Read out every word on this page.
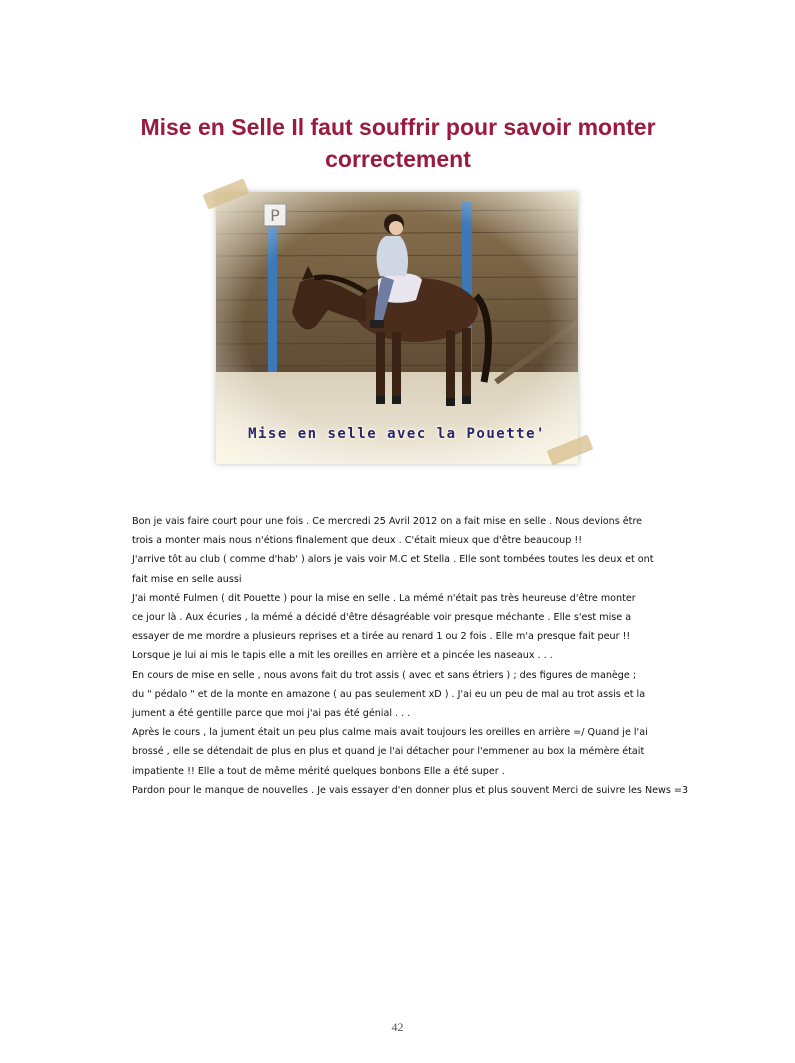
Mise en Selle Il faut souffrir pour savoir monter correctement
Mise en selle avec la Pouette'

Bon je vais faire court pour une fois . Ce mercredi 25 Avril 2012 on a fait mise en selle . Nous devions être

trois a monter mais nous n'étions finalement que deux . C'était mieux que d'être beaucoup !!

J'arrive tôt au club ( comme d'hab' ) alors je vais voir M.C et Stella . Elle sont tombées toutes les deux et ont

fait mise en selle aussi

J'ai monté Fulmen ( dit Pouette ) pour la mise en selle . La mémé n'était pas très heureuse d'être monter

ce jour là . Aux écuries , la mémé a décidé d'être désagréable voir presque méchante . Elle s'est mise a

essayer de me mordre a plusieurs reprises et a tirée au renard 1 ou 2 fois . Elle m'a presque fait peur !!

Lorsque je lui ai mis le tapis elle a mit les oreilles en arrière et a pincée les naseaux . . .

En cours de mise en selle , nous avons fait du trot assis ( avec et sans étriers ) ; des figures de manège ;

du " pédalo " et de la monte en amazone ( au pas seulement xD ) . J'ai eu un peu de mal au trot assis et la

jument a été gentille parce que moi j'ai pas été génial . . .

Après le cours , la jument était un peu plus calme mais avait toujours les oreilles en arrière =/ Quand je l'ai

brossé , elle se détendait de plus en plus et quand je l'ai détacher pour l'emmener au box la mémère était

impatiente !! Elle a tout de même mérité quelques bonbons Elle a été super .

Pardon pour le manque de nouvelles . Je vais essayer d'en donner plus et plus souvent Merci de suivre les News =3

42
